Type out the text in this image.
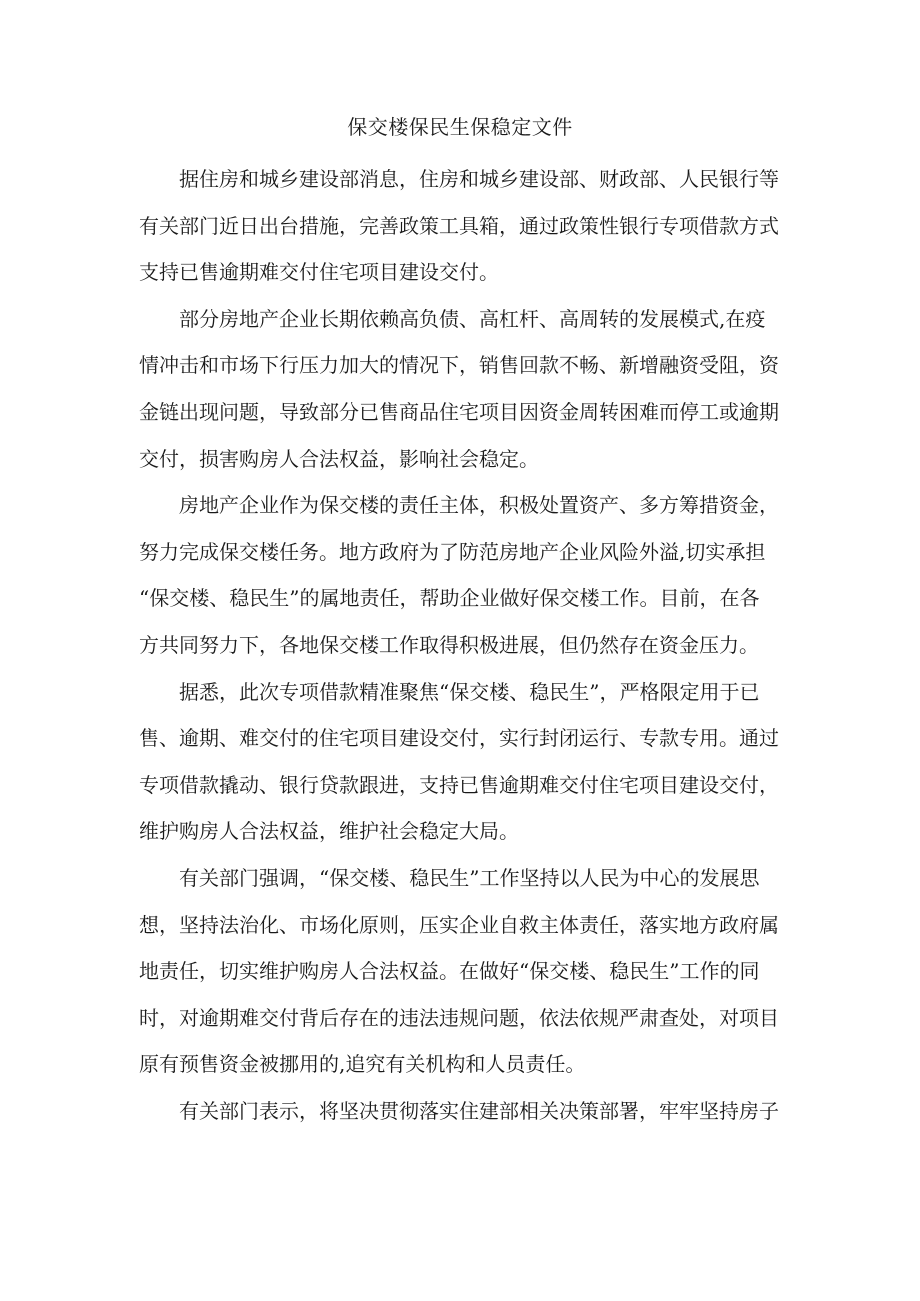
保交楼保民生保稳定文件
据住房和城乡建设部消息，住房和城乡建设部、财政部、人民银行等
有关部门近日出台措施，完善政策工具箱，通过政策性银行专项借款方式
支持已售逾期难交付住宅项目建设交付。
部分房地产企业长期依赖高负债、高杠杆、高周转的发展模式,在疫
情冲击和市场下行压力加大的情况下，销售回款不畅、新增融资受阻，资
金链出现问题，导致部分已售商品住宅项目因资金周转困难而停工或逾期
交付，损害购房人合法权益，影响社会稳定。
房地产企业作为保交楼的责任主体，积极处置资产、多方筹措资金，
努力完成保交楼任务。地方政府为了防范房地产企业风险外溢,切实承担
“保交楼、稳民生”的属地责任，帮助企业做好保交楼工作。目前，在各
方共同努力下，各地保交楼工作取得积极进展，但仍然存在资金压力。
据悉，此次专项借款精准聚焦“保交楼、稳民生”，严格限定用于已
售、逾期、难交付的住宅项目建设交付，实行封闭运行、专款专用。通过
专项借款撬动、银行贷款跟进，支持已售逾期难交付住宅项目建设交付，
维护购房人合法权益，维护社会稳定大局。
有关部门强调，“保交楼、稳民生”工作坚持以人民为中心的发展思
想，坚持法治化、市场化原则，压实企业自救主体责任，落实地方政府属
地责任，切实维护购房人合法权益。在做好“保交楼、稳民生”工作的同
时，对逾期难交付背后存在的违法违规问题，依法依规严肃查处，对项目
原有预售资金被挪用的,追究有关机构和人员责任。
有关部门表示，将坚决贯彻落实住建部相关决策部署，牢牢坚持房子
